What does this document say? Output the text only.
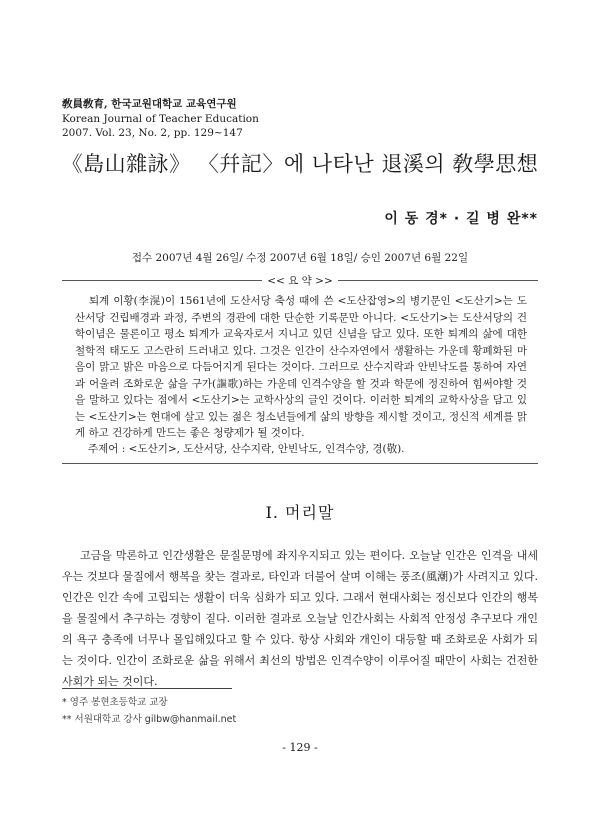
敎員敎育, 한국교원대학교 교육연구원
Korean Journal of Teacher Education
2007. Vol. 23, No. 2, pp. 129~147
《島山雜詠》 〈幷記〉에 나타난 退溪의 敎學思想
이 동 경* · 길 병 완**
접수 2007년 4월 26일/ 수정 2007년 6월 18일/ 승인 2007년 6월 22일
<< 요 약 >>
퇴계 이황(李滉)이 1561년에 도산서당 축성 때에 쓴 <도산잡영>의 병기문인 <도산기>는 도산서당 건립배경과 과정, 주변의 경관에 대한 단순한 기록문만 아니다. <도산기>는 도산서당의 건학이념은 물론이고 평소 퇴계가 교육자로서 지니고 있던 신념을 담고 있다. 또한 퇴계의 삶에 대한 철학적 태도도 고스란히 드러내고 있다. 그것은 인간이 산수자연에서 생활하는 가운데 황폐화된 마음이 맑고 밝은 마음으로 다듬어지게 된다는 것이다. 그러므로 산수지락과 안빈낙도를 통하여 자연과 어울려 조화로운 삶을 구가(謳歌)하는 가운데 인격수양을 할 것과 학문에 정진하여 힘써야할 것을 말하고 있다는 점에서 <도산기>는 교학사상의 글인 것이다. 이러한 퇴계의 교학사상을 담고 있는 <도산기>는 현대에 살고 있는 젊은 청소년들에게 삶의 방향을 제시할 것이고, 정신적 세계를 맑게 하고 건강하게 만드는 좋은 청량제가 될 것이다.
주제어 : <도산기>, 도산서당, 산수지락, 안빈낙도, 인격수양, 경(敬).
Ⅰ. 머리말
고금을 막론하고 인간생활은 문질문명에 좌지우지되고 있는 편이다. 오늘날 인간은 인격을 내세우는 것보다 물질에서 행복을 찾는 결과로, 타인과 더불어 살며 이해는 풍조(風潮)가 사려지고 있다. 인간은 인간 속에 고립되는 생활이 더욱 심화가 되고 있다. 그래서 현대사회는 정신보다 인간의 행복을 물질에서 추구하는 경향이 짙다. 이러한 결과로 오늘날 인간사회는 사회적 안정성 추구보다 개인의 욕구 충족에 너무나 몰입해있다고 할 수 있다. 항상 사회와 개인이 대등할 때 조화로운 사회가 되는 것이다. 인간이 조화로운 삶을 위해서 최선의 방법은 인격수양이 이루어질 때만이 사회는 건전한 사회가 되는 것이다.
* 영주 봉현초등학교 교장
** 서원대학교 강사 gilbw@hanmail.net
- 129 -
